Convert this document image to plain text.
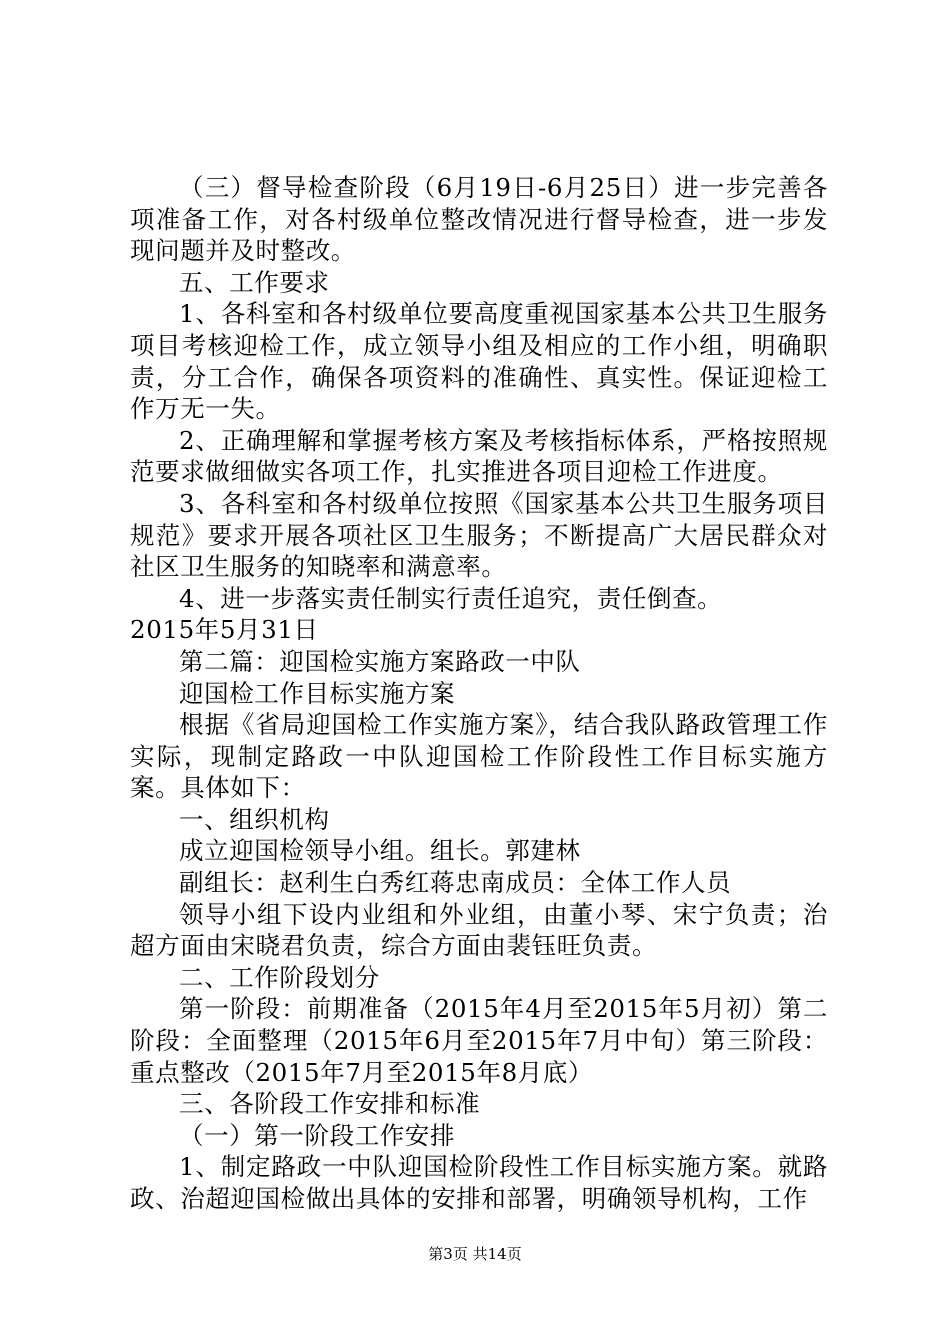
（三）督导检查阶段（6月19日-6月25日）进一步完善各项准备工作，对各村级单位整改情况进行督导检查，进一步发现问题并及时整改。

五、工作要求

1、各科室和各村级单位要高度重视国家基本公共卫生服务项目考核迎检工作，成立领导小组及相应的工作小组，明确职责，分工合作，确保各项资料的准确性、真实性。保证迎检工作万无一失。

2、正确理解和掌握考核方案及考核指标体系，严格按照规范要求做细做实各项工作，扎实推进各项目迎检工作进度。

3、各科室和各村级单位按照《国家基本公共卫生服务项目规范》要求开展各项社区卫生服务；不断提高广大居民群众对社区卫生服务的知晓率和满意率。

4、进一步落实责任制实行责任追究，责任倒查。

2015年5月31日

第二篇：迎国检实施方案路政一中队

迎国检工作目标实施方案

根据《省局迎国检工作实施方案》，结合我队路政管理工作实际，现制定路政一中队迎国检工作阶段性工作目标实施方案。具体如下：

一、组织机构

成立迎国检领导小组。组长。郭建林

副组长：赵利生白秀红蒋忠南成员：全体工作人员

领导小组下设内业组和外业组，由董小琴、宋宁负责；治超方面由宋晓君负责，综合方面由裴钰旺负责。

二、工作阶段划分

第一阶段：前期准备（2015年4月至2015年5月初）第二阶段：全面整理（2015年6月至2015年7月中旬）第三阶段：重点整改（2015年7月至2015年8月底）

三、各阶段工作安排和标准

（一）第一阶段工作安排

1、制定路政一中队迎国检阶段性工作目标实施方案。就路政、治超迎国检做出具体的安排和部署，明确领导机构，工作

第3页 共14页
